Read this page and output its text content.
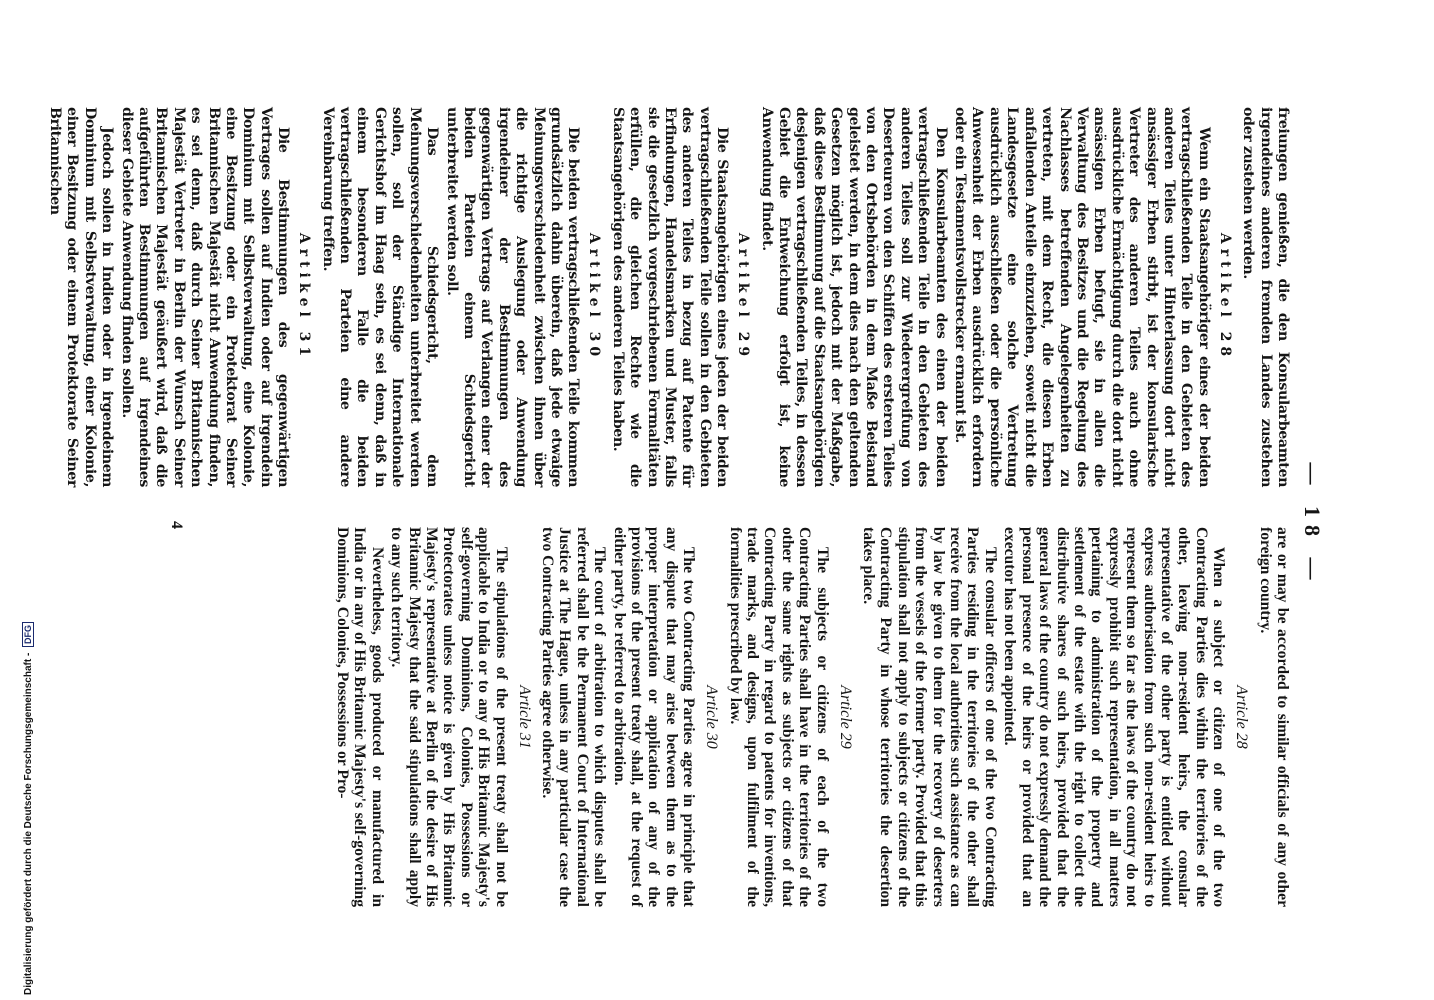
— 18 —

freiungen genießen, die den Konsularbeamten irgendeines anderen fremden Landes zustehen oder zustehen werden.

Artikel 28

Wenn ein Staatsangehöriger eines der beiden vertragschließenden Teile in den Gebieten des anderen Teiles unter Hinterlassung dort nicht ansässiger Erben stirbt, ist der konsularische Vertreter des anderen Teiles auch ohne ausdrückliche Ermächtigung durch die dort nicht ansässigen Erben befugt, sie in allen die Verwaltung des Besitzes und die Regelung des Nachlasses betreffenden Angelegenheiten zu vertreten, mit dem Recht, die diesen Erben anfallenden Anteile einzuziehen, soweit nicht die Landesgesetze eine solche Vertretung ausdrücklich ausschließen oder die persönliche Anwesenheit der Erben ausdrücklich erfordern oder ein Testamentsvollstrecker ernannt ist.

Den Konsularbeamten des einen der beiden vertragschließenden Teile in den Gebieten des anderen Teiles soll zur Wiederergreifung von Deserteuren von den Schiffen des ersteren Teiles von den Ortsbehörden in dem Maße Beistand geleistet werden, in dem dies nach den geltenden Gesetzen möglich ist, jedoch mit der Maßgabe, daß diese Bestimmung auf die Staatsangehörigen desjenigen vertragschließenden Teiles, in dessen Gebiet die Entweichung erfolgt ist, keine Anwendung findet.

Artikel 29

Die Staatsangehörigen eines jeden der beiden vertragschließenden Teile sollen in den Gebieten des anderen Teiles in bezug auf Patente für Erfindungen, Handelsmarken und Muster, falls sie die gesetzlich vorgeschriebenen Formalitäten erfüllen, die gleichen Rechte wie die Staatsangehörigen des anderen Teiles haben.

Artikel 30

Die beiden vertragschließenden Teile kommen grundsätzlich dahin überein, daß jede etwaige Meinungsverschiedenheit zwischen ihnen über die richtige Auslegung oder Anwendung irgendeiner der Bestimmungen des gegenwärtigen Vertrags auf Verlangen einer der beiden Parteien einem Schiedsgericht unterbreitet werden soll.

Das Schiedsgericht, dem Meinungsverschiedenheiten unterbreitet werden sollen, soll der Ständige Internationale Gerichtshof im Haag sein, es sei denn, daß in einem besonderen Falle die beiden vertragschließenden Parteien eine andere Vereinbarung treffen.

Artikel 31

Die Bestimmungen des gegenwärtigen Vertrages sollen auf Indien oder auf irgendein Dominium mit Selbstverwaltung, eine Kolonie, eine Besitzung oder ein Protektorat Seiner Britannischen Majestät nicht Anwendung finden, es sei denn, daß durch Seiner Britannischen Majestät Vertreter in Berlin der Wunsch Seiner Britannischen Majestät geäußert wird, daß die aufgeführten Bestimmungen auf irgendeines dieser Gebiete Anwendung finden sollen.

Jedoch sollen in Indien oder in irgendeinem Dominium mit Selbstverwaltung, einer Kolonie, einer Besitzung oder einem Protektorate Seiner Britannischen

are or may be accorded to similar officials of any other foreign country.

Article 28

When a subject or citizen of one of the two Contracting Parties dies within the territories of the other, leaving non-resident heirs, the consular representative of the other party is entitled without express authorisation from such non-resident heirs to represent them so far as the laws of the country do not expressly prohibit such representation, in all matters pertaining to administration of the property and settlement of the estate with the right to collect the distributive shares of such heirs, provided that the general laws of the country do not expressly demand the personal presence of the heirs or provided that an executor has not been appointed.

The consular officers of one of the two Contracting Parties residing in the territories of the other shall receive from the local authorities such assistance as can by law be given to them for the recovery of deserters from the vessels of the former party. Provided that this stipulation shall not apply to subjects or citizens of the Contracting Party in whose territories the desertion takes place.

Article 29

The subjects or citizens of each of the two Contracting Parties shall have in the territories of the other the same rights as subjects or citizens of that Contracting Party in regard to patents for inventions, trade marks, and designs, upon fulfilment of the formalities prescribed by law.

Article 30

The two Contracting Parties agree in principle that any dispute that may arise between them as to the proper interpretation or application of any of the provisions of the present treaty shall, at the request of either party, be referred to arbitration.

The court of arbitration to which disputes shall be referred shall be the Permanent Court of International Justice at The Hague, unless in any particular case the two Contracting Parties agree otherwise.

Article 31

The stipulations of the present treaty shall not be applicable to India or to any of His Britannic Majesty's self-governing Dominions, Colonies, Possessions or Protectorates unless notice is given by His Britannic Majesty's representative at Berlin of the desire of His Britannic Majesty that the said stipulations shall apply to any such territory.

Nevertheless, goods produced or manufactured in India or in any of His Britannic Majesty's self-governing Dominions, Colonies, Possessions or Pro-

4
Digitalisierung gefördert durch die Deutsche Forschungsgemeinschaft - DFG
